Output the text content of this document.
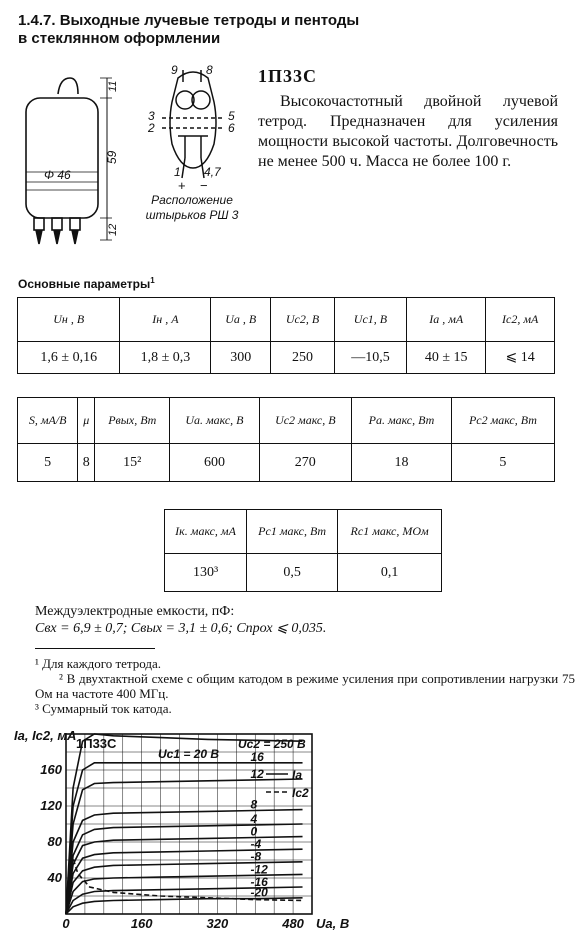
1.4.7. Выходные лучевые тетроды и пентоды
в стеклянном оформлении
Φ 46
11
59
12
9 8
3	5
2	6
1 4,7
+ −
Расположение штырьков РШ 3
1П33С
Высокочастотный двойной лучевой тетрод. Предназначен для усиления мощности высокой частоты. Долговечность не менее 500 ч. Масса не более 100 г.
Основные параметры$^1$
Uн , В	Iн , А	Uа , В	Uс2, В	Uс1, В	Iа , мА	Iс2, мА
1,6 ± 0,16	1,8 ± 0,3	300	250	—10,5	40 ± 15	⩽ 14
S, мА/В	μ	Pвых, Вт	Uа. макс, В	Uс2 макс, В	Pа. макс, Вт	Pс2 макс, Вт
5	8	15²	600	270	18	5
Iк. макс, мА	Pс1 макс, Вт	Rс1 макс, МОм
130³	0,5	0,1
Междуэлектродные емкости, пФ:
Cвх = 6,9 ± 0,7; Cвых = 3,1 ± 0,6; Cпрох ⩽ 0,035.
¹ Для каждого тетрода.
² В двухтактной схеме с общим катодом в режиме усиления при сопротивлении нагрузки 75 Ом на частоте 400 МГц.
³ Суммарный ток катода.
0	160	320	480
40
80
120
160
Ia, Ic2, мА
Ua, В
1П33С
Uc1 = 20 В
Uc2 = 250 В
Ia
Ic2
16
12
8
4
0
-4
-8
-12
-16
-20
